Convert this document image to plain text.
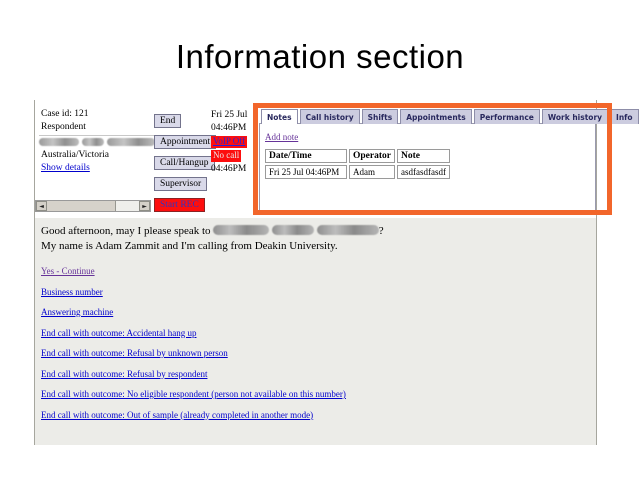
Information section
Case id: 121
Respondent
Australia/Victoria
Show details
◄	►
End
Appointment
Call/Hangup
Supervisor
Start REC
Fri 25 Jul
04:46PM
VoIP Off
No call
04:46PM
Notes	Call history	Shifts	Appointments	Performance	Work history	Info
Add note
Date/Time	Operator	Note
Fri 25 Jul 04:46PM	Adam	asdfasdfasdf
Good afternoon, may I please speak to	?
My name is Adam Zammit and I'm calling from Deakin University.
Yes - Continue
Business number
Answering machine
End call with outcome: Accidental hang up
End call with outcome: Refusal by unknown person
End call with outcome: Refusal by respondent
End call with outcome: No eligible respondent (person not available on this number)
End call with outcome: Out of sample (already completed in another mode)
